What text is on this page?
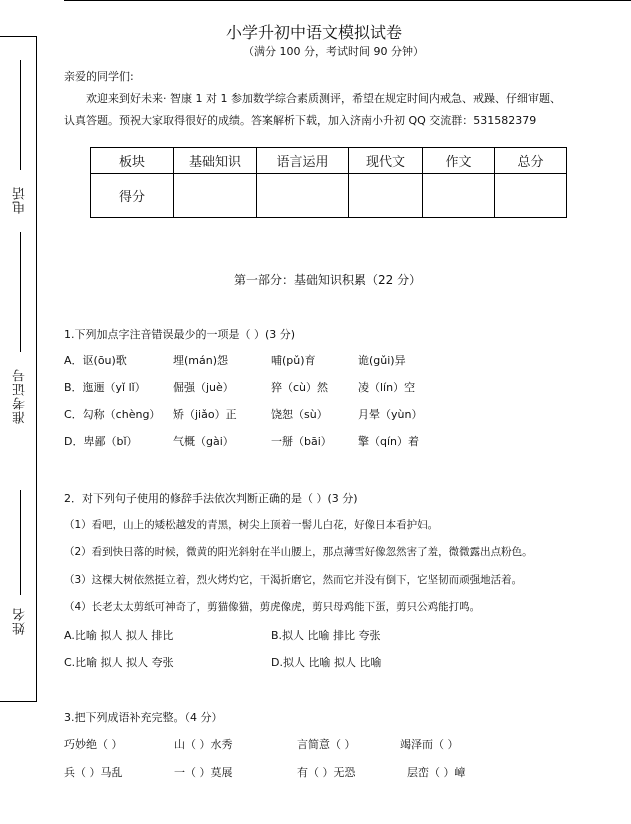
电话
准考证号
姓名
小学升初中语文模拟试卷
（满分 100 分，考试时间 90 分钟）
亲爱的同学们:
欢迎来到好未来· 智康 1 对 1 参加数学综合素质测评，希望在规定时间内戒急、戒躁、仔细审题、
认真答题。预祝大家取得很好的成绩。答案解析下载，加入济南小升初 QQ 交流群：531582379
板块	基础知识	语言运用	现代文	作文	总分
得分					
第一部分：基础知识积累（22 分）
1.下列加点字注音错误最少的一项是（ ）(3 分)
A．讴(ōu)歌	埋(mán)怨	哺(pǔ)育	诡(gǔi)异
B．迤逦（yǐ lǐ） 倔强（juè）	猝（cù）然	凌（lín）空
C．勾称（chèng） 矫（jiǎo）正	饶恕（sù）	月晕（yùn）
D．卑鄙（bǐ）	气概（gài）	一掰（bāi） 擎（qín）着
2．对下列句子使用的修辞手法依次判断正确的是（ ）(3 分)
（1）看吧，山上的矮松越发的青黑，树尖上顶着一髻儿白花，好像日本看护妇。
（2）看到快日落的时候，微黄的阳光斜射在半山腰上，那点薄雪好像忽然害了羞，微微露出点粉色。
（3）这棵大树依然挺立着，烈火烤灼它，干渴折磨它，然而它并没有倒下，它坚韧而顽强地活着。
（4）长老太太剪纸可神奇了，剪猫像猫，剪虎像虎，剪只母鸡能下蛋，剪只公鸡能打鸣。
A.比喻 拟人 拟人 排比	B.拟人 比喻 排比 夸张
C.比喻 拟人 拟人 夸张	D.拟人 比喻 拟人 比喻
3.把下列成语补充完整。（4 分）
巧妙绝（ ）	山（ ）水秀	言简意（ ）	竭泽而（ ）
兵（ ）马乱	一（ ）莫展	有（ ）无恐	层峦（ ）嶂
